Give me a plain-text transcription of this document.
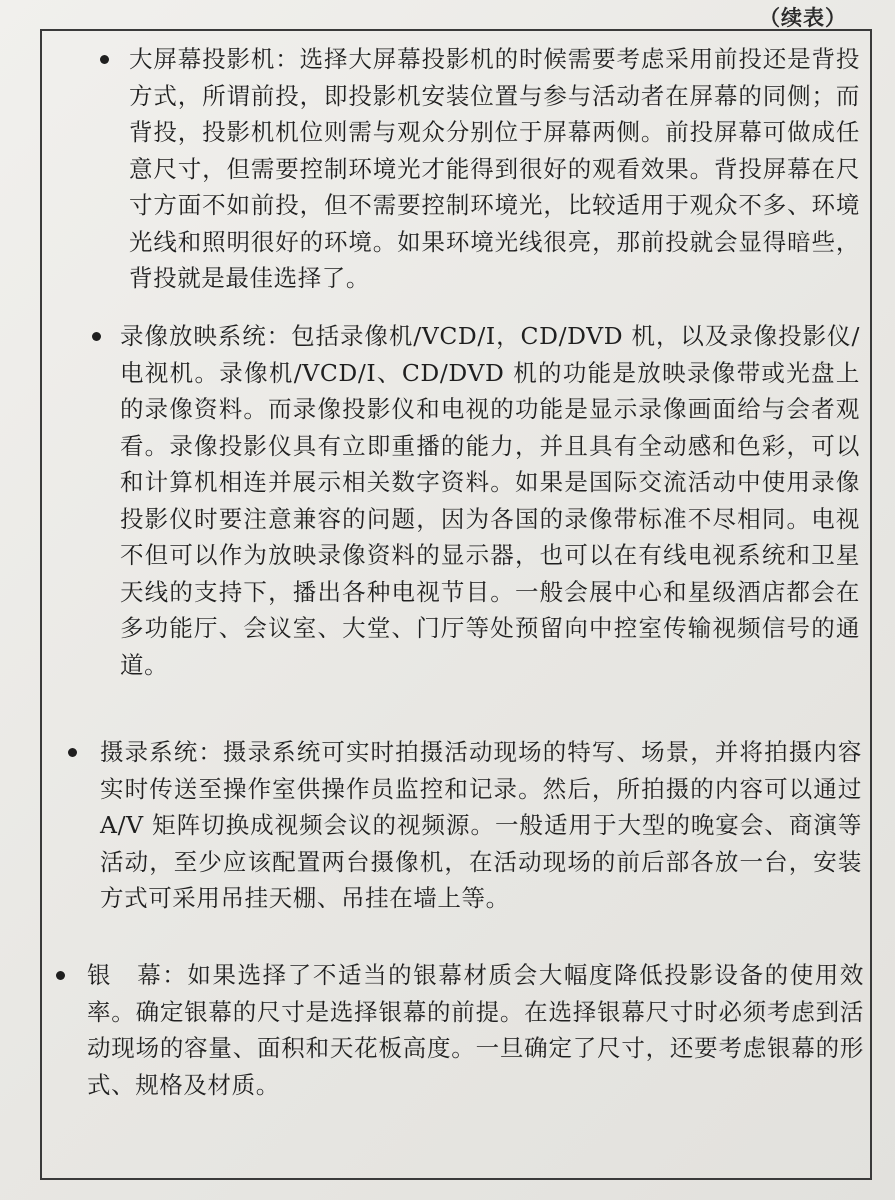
（续表）
大屏幕投影机：选择大屏幕投影机的时候需要考虑采用前投还是背投方式，所谓前投，即投影机安装位置与参与活动者在屏幕的同侧；而背投，投影机机位则需与观众分别位于屏幕两侧。前投屏幕可做成任意尺寸，但需要控制环境光才能得到很好的观看效果。背投屏幕在尺寸方面不如前投，但不需要控制环境光，比较适用于观众不多、环境光线和照明很好的环境。如果环境光线很亮，那前投就会显得暗些，背投就是最佳选择了。
录像放映系统：包括录像机/VCD/I，CD/DVD 机，以及录像投影仪/电视机。录像机/VCD/I、CD/DVD 机的功能是放映录像带或光盘上的录像资料。而录像投影仪和电视的功能是显示录像画面给与会者观看。录像投影仪具有立即重播的能力，并且具有全动感和色彩，可以和计算机相连并展示相关数字资料。如果是国际交流活动中使用录像投影仪时要注意兼容的问题，因为各国的录像带标准不尽相同。电视不但可以作为放映录像资料的显示器，也可以在有线电视系统和卫星天线的支持下，播出各种电视节目。一般会展中心和星级酒店都会在多功能厅、会议室、大堂、门厅等处预留向中控室传输视频信号的通道。
摄录系统：摄录系统可实时拍摄活动现场的特写、场景，并将拍摄内容实时传送至操作室供操作员监控和记录。然后，所拍摄的内容可以通过 A/V 矩阵切换成视频会议的视频源。一般适用于大型的晚宴会、商演等活动，至少应该配置两台摄像机，在活动现场的前后部各放一台，安装方式可采用吊挂天棚、吊挂在墙上等。
银　幕：如果选择了不适当的银幕材质会大幅度降低投影设备的使用效率。确定银幕的尺寸是选择银幕的前提。在选择银幕尺寸时必须考虑到活动现场的容量、面积和天花板高度。一旦确定了尺寸，还要考虑银幕的形式、规格及材质。
